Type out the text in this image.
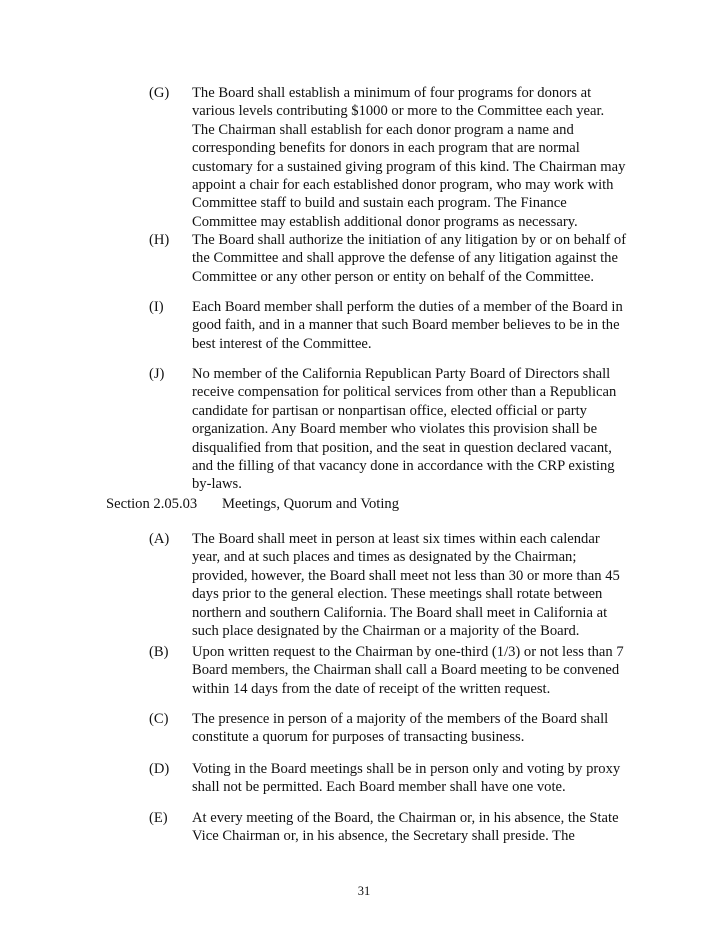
(G) The Board shall establish a minimum of four programs for donors at
various levels contributing $1000 or more to the Committee each year.
The Chairman shall establish for each donor program a name and
corresponding benefits for donors in each program that are normal
customary for a sustained giving program of this kind. The Chairman may
appoint a chair for each established donor program, who may work with
Committee staff to build and sustain each program. The Finance
Committee may establish additional donor programs as necessary.
(H) The Board shall authorize the initiation of any litigation by or on behalf of
the Committee and shall approve the defense of any litigation against the
Committee or any other person or entity on behalf of the Committee.
(I) Each Board member shall perform the duties of a member of the Board in
good faith, and in a manner that such Board member believes to be in the
best interest of the Committee.
(J) No member of the California Republican Party Board of Directors shall
receive compensation for political services from other than a Republican
candidate for partisan or nonpartisan office, elected official or party
organization. Any Board member who violates this provision shall be
disqualified from that position, and the seat in question declared vacant,
and the filling of that vacancy done in accordance with the CRP existing
by-laws.
Section 2.05.03 Meetings, Quorum and Voting
(A) The Board shall meet in person at least six times within each calendar
year, and at such places and times as designated by the Chairman;
provided, however, the Board shall meet not less than 30 or more than 45
days prior to the general election. These meetings shall rotate between
northern and southern California. The Board shall meet in California at
such place designated by the Chairman or a majority of the Board.
(B) Upon written request to the Chairman by one-third (1/3) or not less than 7
Board members, the Chairman shall call a Board meeting to be convened
within 14 days from the date of receipt of the written request.
(C) The presence in person of a majority of the members of the Board shall
constitute a quorum for purposes of transacting business.
(D) Voting in the Board meetings shall be in person only and voting by proxy
shall not be permitted. Each Board member shall have one vote.
(E) At every meeting of the Board, the Chairman or, in his absence, the State
Vice Chairman or, in his absence, the Secretary shall preside. The
31
